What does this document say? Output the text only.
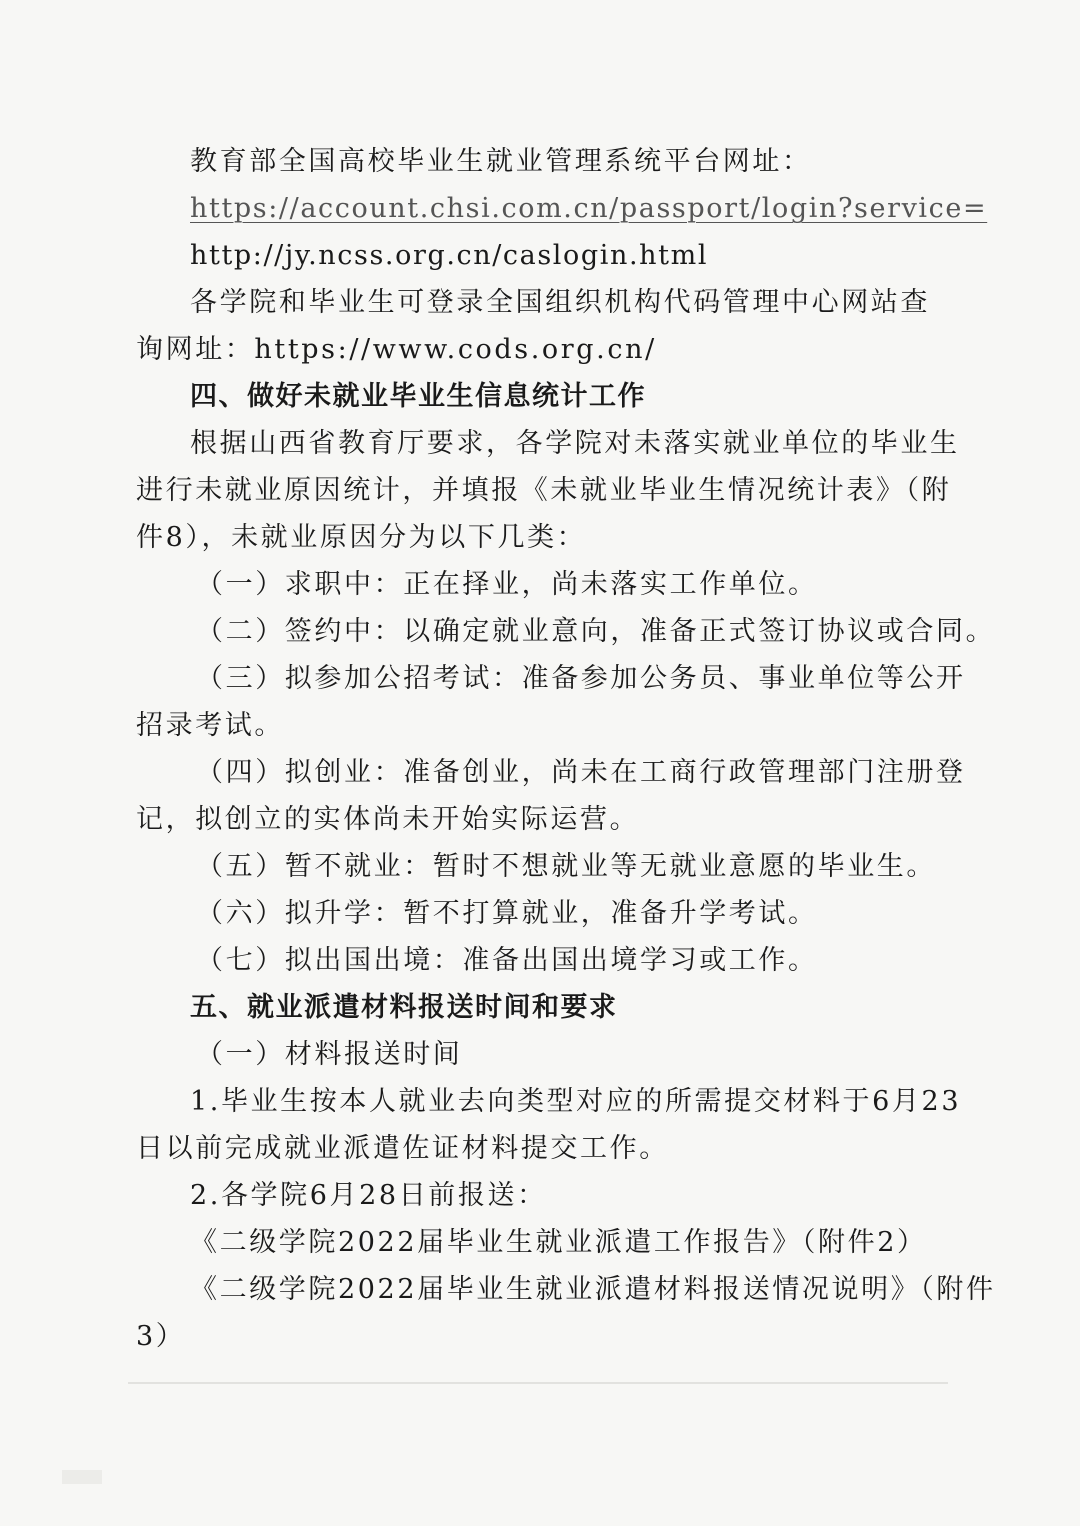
教育部全国高校毕业生就业管理系统平台网址：
https://account.chsi.com.cn/passport/login?service=
http://jy.ncss.org.cn/caslogin.html
各学院和毕业生可登录全国组织机构代码管理中心网站查
询网址：https://www.cods.org.cn/
四、做好未就业毕业生信息统计工作
根据山西省教育厅要求，各学院对未落实就业单位的毕业生
进行未就业原因统计，并填报《未就业毕业生情况统计表》（附
件8），未就业原因分为以下几类：
（一）求职中：正在择业，尚未落实工作单位。
（二）签约中：以确定就业意向，准备正式签订协议或合同。
（三）拟参加公招考试：准备参加公务员、事业单位等公开
招录考试。
（四）拟创业：准备创业，尚未在工商行政管理部门注册登
记，拟创立的实体尚未开始实际运营。
（五）暂不就业：暂时不想就业等无就业意愿的毕业生。
（六）拟升学：暂不打算就业，准备升学考试。
（七）拟出国出境：准备出国出境学习或工作。
五、就业派遣材料报送时间和要求
（一）材料报送时间
1.毕业生按本人就业去向类型对应的所需提交材料于6月23
日以前完成就业派遣佐证材料提交工作。
2.各学院6月28日前报送：
《二级学院2022届毕业生就业派遣工作报告》（附件2）
《二级学院2022届毕业生就业派遣材料报送情况说明》（附件
3）
